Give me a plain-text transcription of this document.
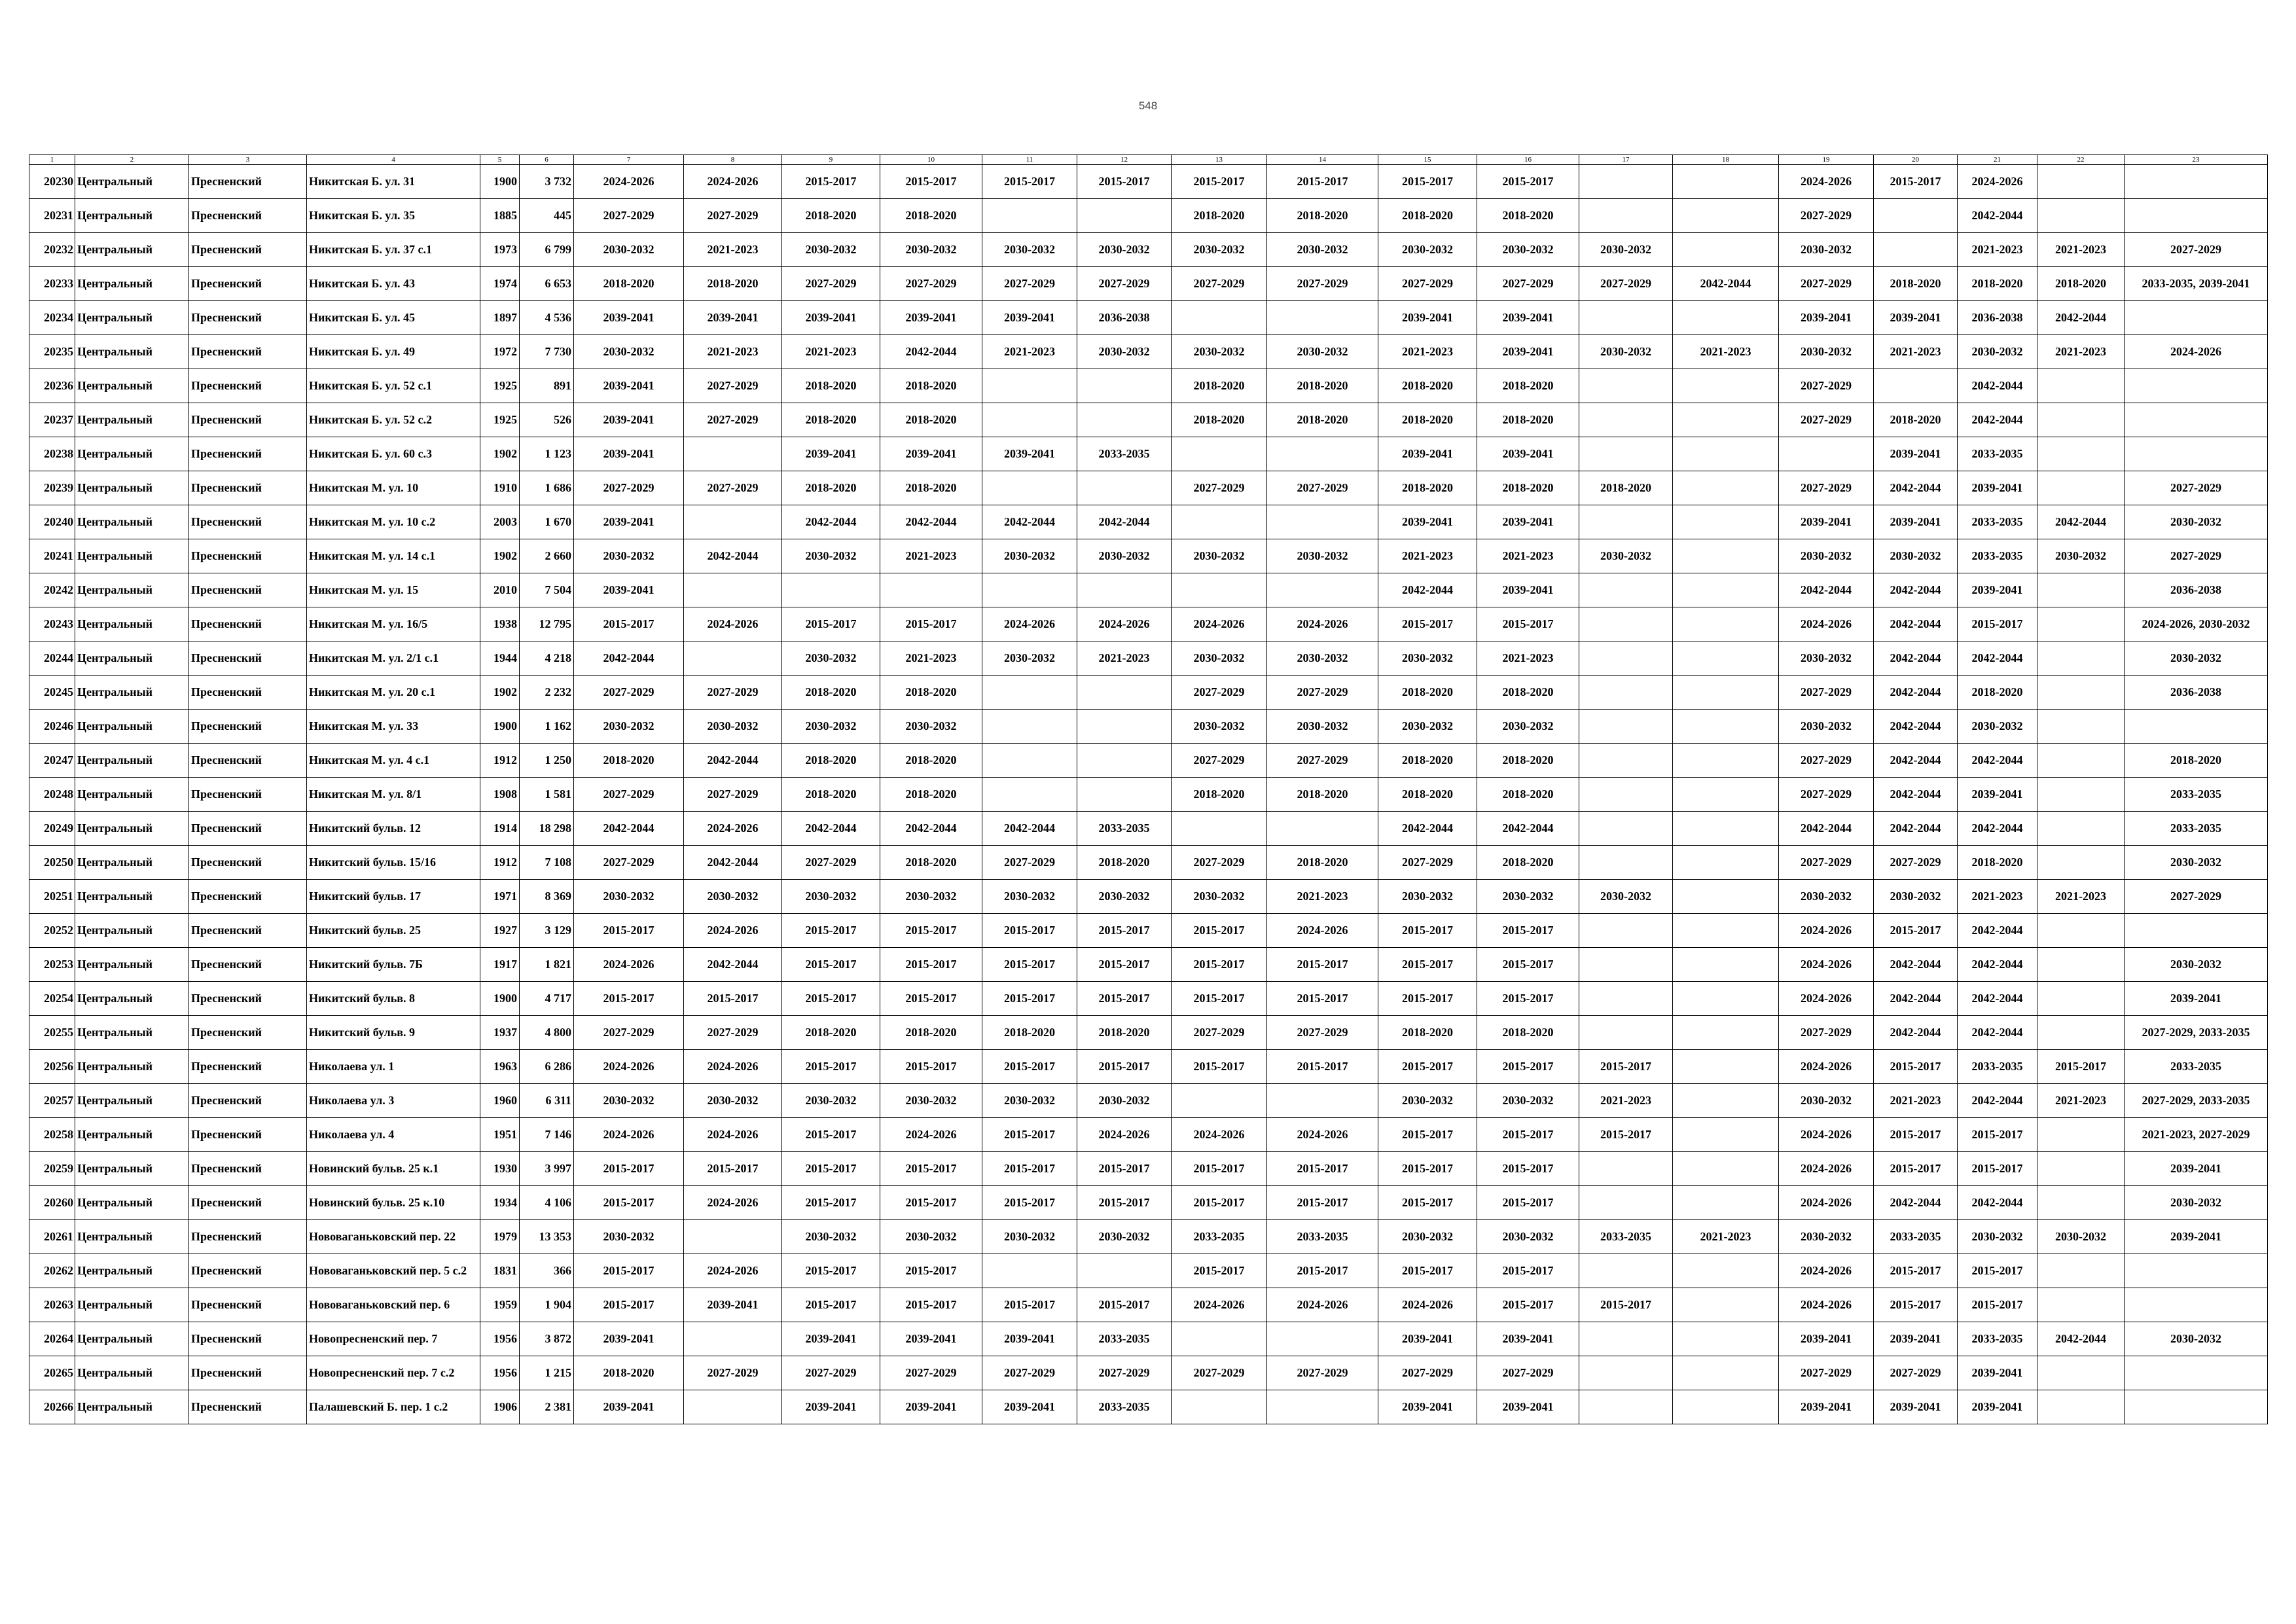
548
1	2	3	4	5	6	7	8	9	10	11	12	13	14	15	16	17	18	19	20	21	22	23
20230	Центральный	Пресненский	Никитская Б. ул. 31	1900	3 732	2024-2026	2024-2026	2015-2017	2015-2017	2015-2017	2015-2017	2015-2017	2015-2017	2015-2017	2015-2017			2024-2026	2015-2017	2024-2026		
20231	Центральный	Пресненский	Никитская Б. ул. 35	1885	445	2027-2029	2027-2029	2018-2020	2018-2020			2018-2020	2018-2020	2018-2020	2018-2020			2027-2029		2042-2044		
20232	Центральный	Пресненский	Никитская Б. ул. 37 с.1	1973	6 799	2030-2032	2021-2023	2030-2032	2030-2032	2030-2032	2030-2032	2030-2032	2030-2032	2030-2032	2030-2032	2030-2032		2030-2032		2021-2023	2021-2023	2027-2029
20233	Центральный	Пресненский	Никитская Б. ул. 43	1974	6 653	2018-2020	2018-2020	2027-2029	2027-2029	2027-2029	2027-2029	2027-2029	2027-2029	2027-2029	2027-2029	2027-2029	2042-2044	2027-2029	2018-2020	2018-2020	2018-2020	2033-2035, 2039-2041
20234	Центральный	Пресненский	Никитская Б. ул. 45	1897	4 536	2039-2041	2039-2041	2039-2041	2039-2041	2039-2041	2036-2038			2039-2041	2039-2041			2039-2041	2039-2041	2036-2038	2042-2044	
20235	Центральный	Пресненский	Никитская Б. ул. 49	1972	7 730	2030-2032	2021-2023	2021-2023	2042-2044	2021-2023	2030-2032	2030-2032	2030-2032	2021-2023	2039-2041	2030-2032	2021-2023	2030-2032	2021-2023	2030-2032	2021-2023	2024-2026
20236	Центральный	Пресненский	Никитская Б. ул. 52 с.1	1925	891	2039-2041	2027-2029	2018-2020	2018-2020			2018-2020	2018-2020	2018-2020	2018-2020			2027-2029		2042-2044		
20237	Центральный	Пресненский	Никитская Б. ул. 52 с.2	1925	526	2039-2041	2027-2029	2018-2020	2018-2020			2018-2020	2018-2020	2018-2020	2018-2020			2027-2029	2018-2020	2042-2044		
20238	Центральный	Пресненский	Никитская Б. ул. 60 с.3	1902	1 123	2039-2041		2039-2041	2039-2041	2039-2041	2033-2035			2039-2041	2039-2041				2039-2041	2033-2035		
20239	Центральный	Пресненский	Никитская М. ул. 10	1910	1 686	2027-2029	2027-2029	2018-2020	2018-2020			2027-2029	2027-2029	2018-2020	2018-2020	2018-2020		2027-2029	2042-2044	2039-2041		2027-2029
20240	Центральный	Пресненский	Никитская М. ул. 10 с.2	2003	1 670	2039-2041		2042-2044	2042-2044	2042-2044	2042-2044			2039-2041	2039-2041			2039-2041	2039-2041	2033-2035	2042-2044	2030-2032
20241	Центральный	Пресненский	Никитская М. ул. 14 с.1	1902	2 660	2030-2032	2042-2044	2030-2032	2021-2023	2030-2032	2030-2032	2030-2032	2030-2032	2021-2023	2021-2023	2030-2032		2030-2032	2030-2032	2033-2035	2030-2032	2027-2029
20242	Центральный	Пресненский	Никитская М. ул. 15	2010	7 504	2039-2041								2042-2044	2039-2041			2042-2044	2042-2044	2039-2041		2036-2038
20243	Центральный	Пресненский	Никитская М. ул. 16/5	1938	12 795	2015-2017	2024-2026	2015-2017	2015-2017	2024-2026	2024-2026	2024-2026	2024-2026	2015-2017	2015-2017			2024-2026	2042-2044	2015-2017		2024-2026, 2030-2032
20244	Центральный	Пресненский	Никитская М. ул. 2/1 с.1	1944	4 218	2042-2044		2030-2032	2021-2023	2030-2032	2021-2023	2030-2032	2030-2032	2030-2032	2021-2023			2030-2032	2042-2044	2042-2044		2030-2032
20245	Центральный	Пресненский	Никитская М. ул. 20 с.1	1902	2 232	2027-2029	2027-2029	2018-2020	2018-2020			2027-2029	2027-2029	2018-2020	2018-2020			2027-2029	2042-2044	2018-2020		2036-2038
20246	Центральный	Пресненский	Никитская М. ул. 33	1900	1 162	2030-2032	2030-2032	2030-2032	2030-2032			2030-2032	2030-2032	2030-2032	2030-2032			2030-2032	2042-2044	2030-2032		
20247	Центральный	Пресненский	Никитская М. ул. 4 с.1	1912	1 250	2018-2020	2042-2044	2018-2020	2018-2020			2027-2029	2027-2029	2018-2020	2018-2020			2027-2029	2042-2044	2042-2044		2018-2020
20248	Центральный	Пресненский	Никитская М. ул. 8/1	1908	1 581	2027-2029	2027-2029	2018-2020	2018-2020			2018-2020	2018-2020	2018-2020	2018-2020			2027-2029	2042-2044	2039-2041		2033-2035
20249	Центральный	Пресненский	Никитский бульв. 12	1914	18 298	2042-2044	2024-2026	2042-2044	2042-2044	2042-2044	2033-2035			2042-2044	2042-2044			2042-2044	2042-2044	2042-2044		2033-2035
20250	Центральный	Пресненский	Никитский бульв. 15/16	1912	7 108	2027-2029	2042-2044	2027-2029	2018-2020	2027-2029	2018-2020	2027-2029	2018-2020	2027-2029	2018-2020			2027-2029	2027-2029	2018-2020		2030-2032
20251	Центральный	Пресненский	Никитский бульв. 17	1971	8 369	2030-2032	2030-2032	2030-2032	2030-2032	2030-2032	2030-2032	2030-2032	2021-2023	2030-2032	2030-2032	2030-2032		2030-2032	2030-2032	2021-2023	2021-2023	2027-2029
20252	Центральный	Пресненский	Никитский бульв. 25	1927	3 129	2015-2017	2024-2026	2015-2017	2015-2017	2015-2017	2015-2017	2015-2017	2024-2026	2015-2017	2015-2017			2024-2026	2015-2017	2042-2044		
20253	Центральный	Пресненский	Никитский бульв. 7Б	1917	1 821	2024-2026	2042-2044	2015-2017	2015-2017	2015-2017	2015-2017	2015-2017	2015-2017	2015-2017	2015-2017			2024-2026	2042-2044	2042-2044		2030-2032
20254	Центральный	Пресненский	Никитский бульв. 8	1900	4 717	2015-2017	2015-2017	2015-2017	2015-2017	2015-2017	2015-2017	2015-2017	2015-2017	2015-2017	2015-2017			2024-2026	2042-2044	2042-2044		2039-2041
20255	Центральный	Пресненский	Никитский бульв. 9	1937	4 800	2027-2029	2027-2029	2018-2020	2018-2020	2018-2020	2018-2020	2027-2029	2027-2029	2018-2020	2018-2020			2027-2029	2042-2044	2042-2044		2027-2029, 2033-2035
20256	Центральный	Пресненский	Николаева ул. 1	1963	6 286	2024-2026	2024-2026	2015-2017	2015-2017	2015-2017	2015-2017	2015-2017	2015-2017	2015-2017	2015-2017	2015-2017		2024-2026	2015-2017	2033-2035	2015-2017	2033-2035
20257	Центральный	Пресненский	Николаева ул. 3	1960	6 311	2030-2032	2030-2032	2030-2032	2030-2032	2030-2032	2030-2032			2030-2032	2030-2032	2021-2023		2030-2032	2021-2023	2042-2044	2021-2023	2027-2029, 2033-2035
20258	Центральный	Пресненский	Николаева ул. 4	1951	7 146	2024-2026	2024-2026	2015-2017	2024-2026	2015-2017	2024-2026	2024-2026	2024-2026	2015-2017	2015-2017	2015-2017		2024-2026	2015-2017	2015-2017		2021-2023, 2027-2029
20259	Центральный	Пресненский	Новинский бульв. 25 к.1	1930	3 997	2015-2017	2015-2017	2015-2017	2015-2017	2015-2017	2015-2017	2015-2017	2015-2017	2015-2017	2015-2017			2024-2026	2015-2017	2015-2017		2039-2041
20260	Центральный	Пресненский	Новинский бульв. 25 к.10	1934	4 106	2015-2017	2024-2026	2015-2017	2015-2017	2015-2017	2015-2017	2015-2017	2015-2017	2015-2017	2015-2017			2024-2026	2042-2044	2042-2044		2030-2032
20261	Центральный	Пресненский	Нововаганьковский пер. 22	1979	13 353	2030-2032		2030-2032	2030-2032	2030-2032	2030-2032	2033-2035	2033-2035	2030-2032	2030-2032	2033-2035	2021-2023	2030-2032	2033-2035	2030-2032	2030-2032	2039-2041
20262	Центральный	Пресненский	Нововаганьковский пер. 5 с.2	1831	366	2015-2017	2024-2026	2015-2017	2015-2017			2015-2017	2015-2017	2015-2017	2015-2017			2024-2026	2015-2017	2015-2017		
20263	Центральный	Пресненский	Нововаганьковский пер. 6	1959	1 904	2015-2017	2039-2041	2015-2017	2015-2017	2015-2017	2015-2017	2024-2026	2024-2026	2024-2026	2015-2017	2015-2017		2024-2026	2015-2017	2015-2017		
20264	Центральный	Пресненский	Новопресненский пер. 7	1956	3 872	2039-2041		2039-2041	2039-2041	2039-2041	2033-2035			2039-2041	2039-2041			2039-2041	2039-2041	2033-2035	2042-2044	2030-2032
20265	Центральный	Пресненский	Новопресненский пер. 7 с.2	1956	1 215	2018-2020	2027-2029	2027-2029	2027-2029	2027-2029	2027-2029	2027-2029	2027-2029	2027-2029	2027-2029			2027-2029	2027-2029	2039-2041		
20266	Центральный	Пресненский	Палашевский Б. пер. 1 с.2	1906	2 381	2039-2041		2039-2041	2039-2041	2039-2041	2033-2035			2039-2041	2039-2041			2039-2041	2039-2041	2039-2041		
